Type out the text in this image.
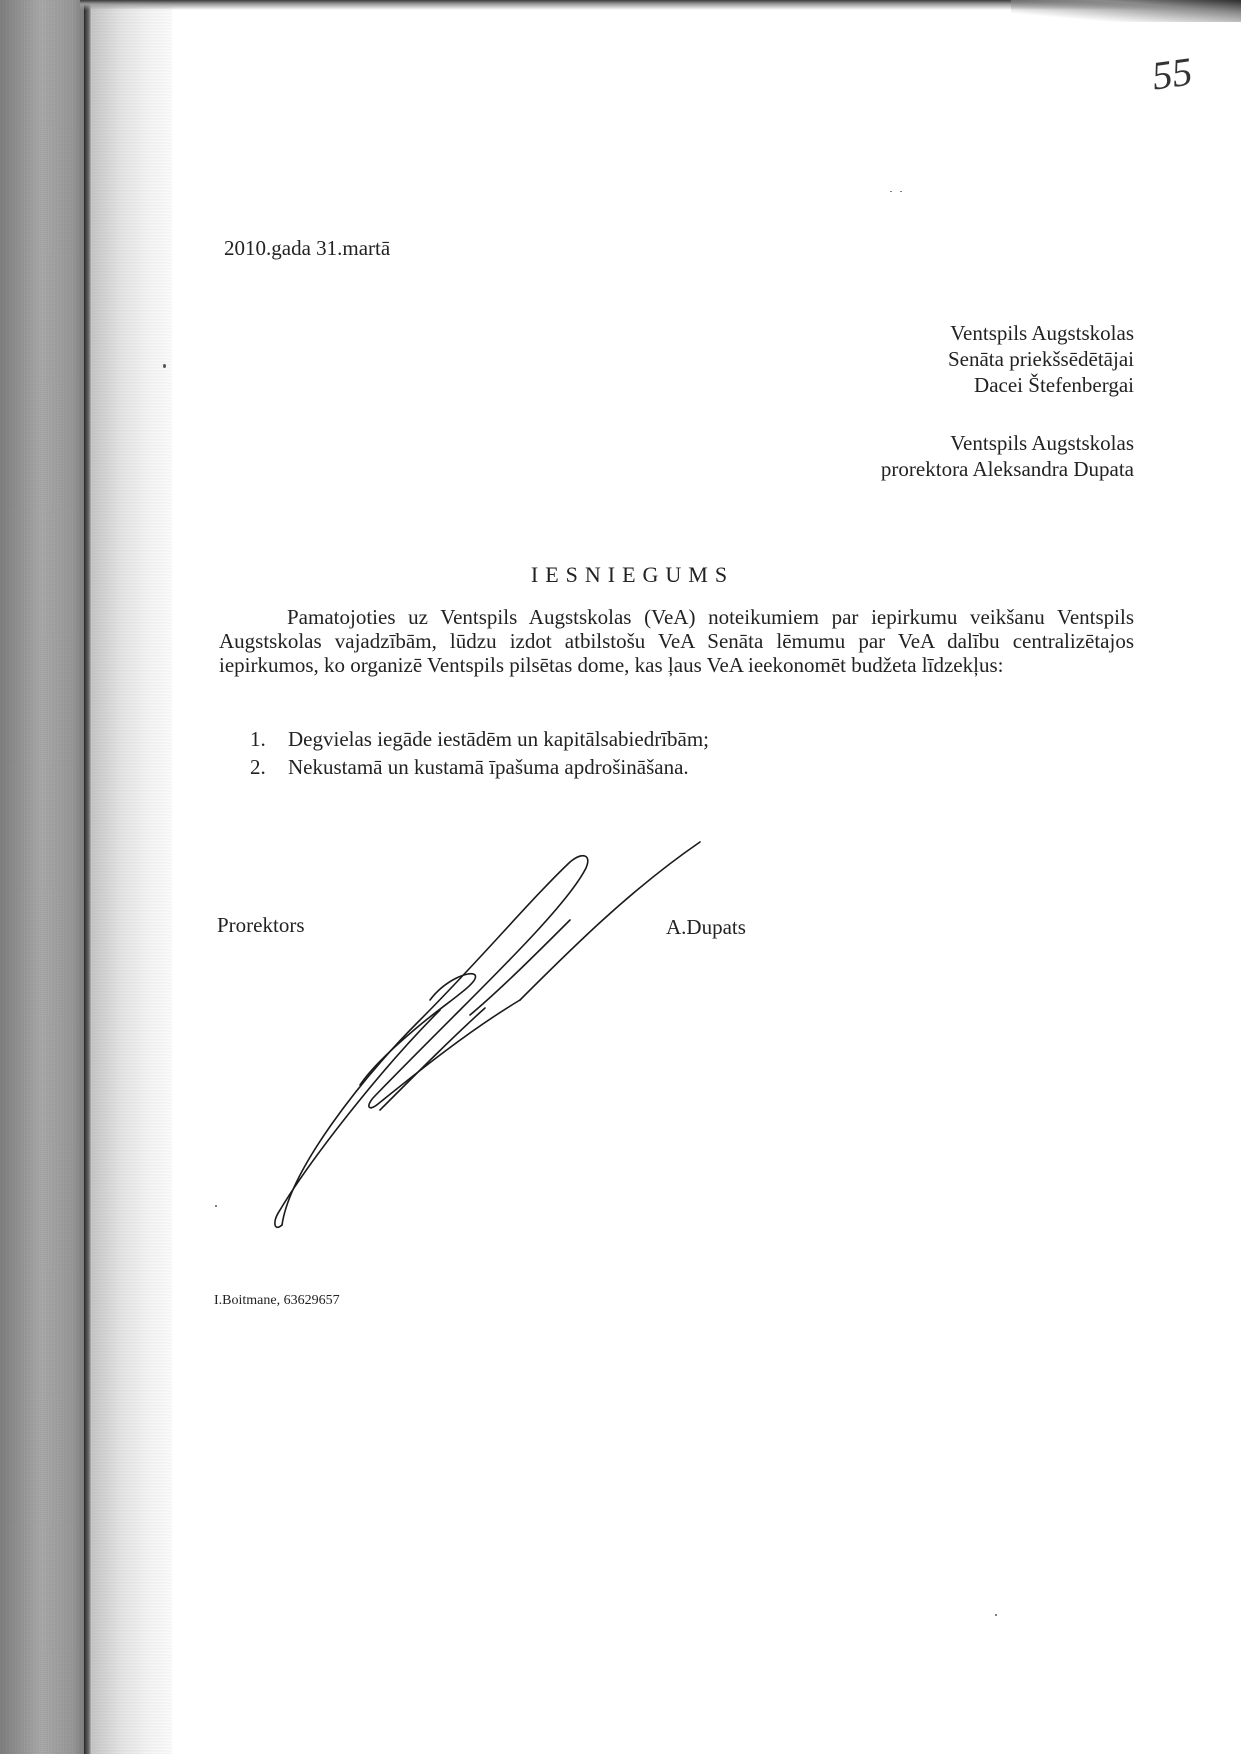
55
2010.gada 31.martā
Ventspils Augstskolas
Senāta priekšsēdētājai
Dacei Štefenbergai
Ventspils Augstskolas
prorektora Aleksandra Dupata
IESNIEGUMS
Pamatojoties uz Ventspils Augstskolas (VeA) noteikumiem par iepirkumu veikšanu Ventspils Augstskolas vajadzībām, lūdzu izdot atbilstošu VeA Senāta lēmumu par VeA dalību centralizētajos iepirkumos, ko organizē Ventspils pilsētas dome, kas ļaus VeA ieekonomēt budžeta līdzekļus:
1.	Degvielas iegāde iestādēm un kapitālsabiedrībām;
2.	Nekustamā un kustamā īpašuma apdrošināšana.
Prorektors	A.Dupats
I.Boitmane, 63629657
